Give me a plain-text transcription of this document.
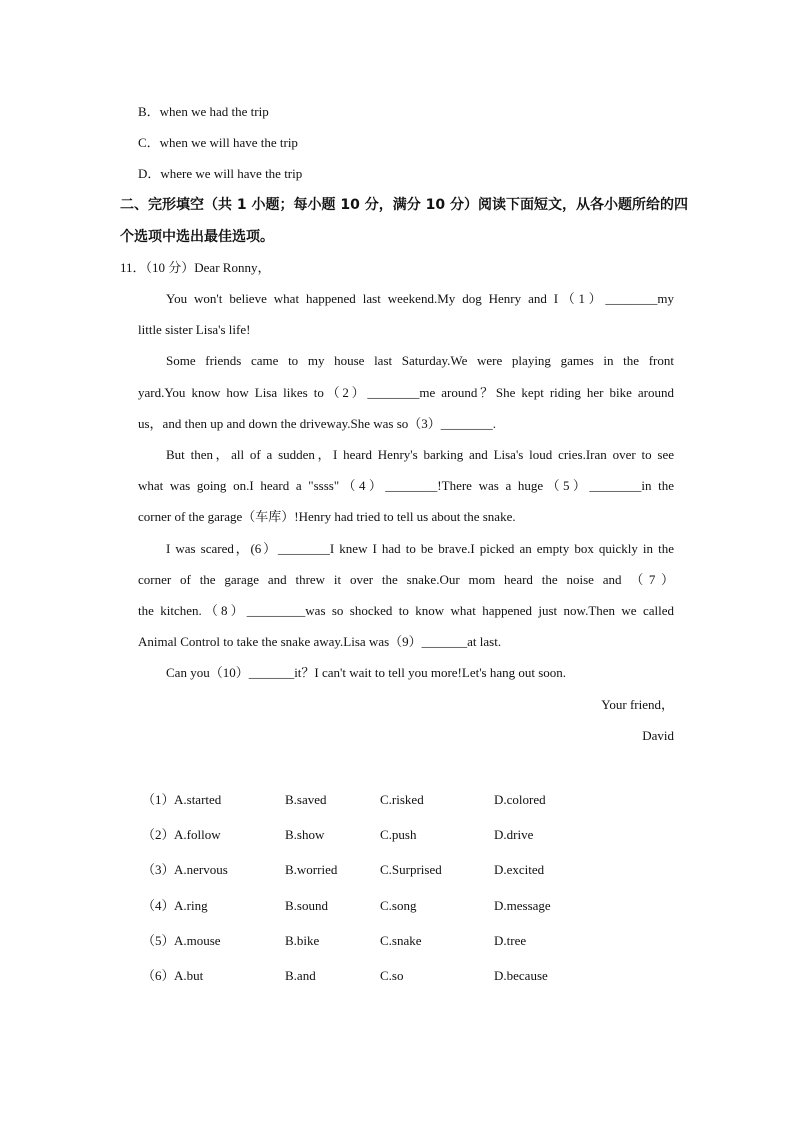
B．when we had the trip
C．when we will have the trip
D．where we will have the trip
二、完形填空（共 1 小题；每小题 10 分，满分 10 分）阅读下面短文，从各小题所给的四
个选项中选出最佳选项。
11．（10 分）Dear Ronny，
You won't believe what happened last weekend.My dog Henry and I（1）________my
little sister Lisa's life!
Some friends came to my house last Saturday.We were playing games in the front
yard.You know how Lisa likes to（2）________me around？She kept riding her bike around
us，and then up and down the driveway.She was so（3）________.
But then，all of a sudden，I heard Henry's barking and Lisa's loud cries.Iran over to see
what was going on.I heard a "ssss"（4）________!There was a huge（5）________in the
corner of the garage（车库）!Henry had tried to tell us about the snake.
I was scared，(6）________I knew I had to be brave.I picked an empty box quickly in the
corner of the garage and threw it over the snake.Our mom heard the noise and （7）
the kitchen.（8）_________was so shocked to know what happened just now.Then we called
Animal Control to take the snake away.Lisa was（9）_______at last.
Can you（10）_______it？I can't wait to tell you more!Let's hang out soon.
Your friend，
David
（1） A.started	B.saved	C.risked	D.colored
（2） A.follow	B.show	C.push	D.drive
（3） A.nervous	B.worried	C.Surprised	D.excited
（4） A.ring	B.sound	C.song	D.message
（5） A.mouse	B.bike	C.snake	D.tree
（6） A.but	B.and	C.so	D.because
